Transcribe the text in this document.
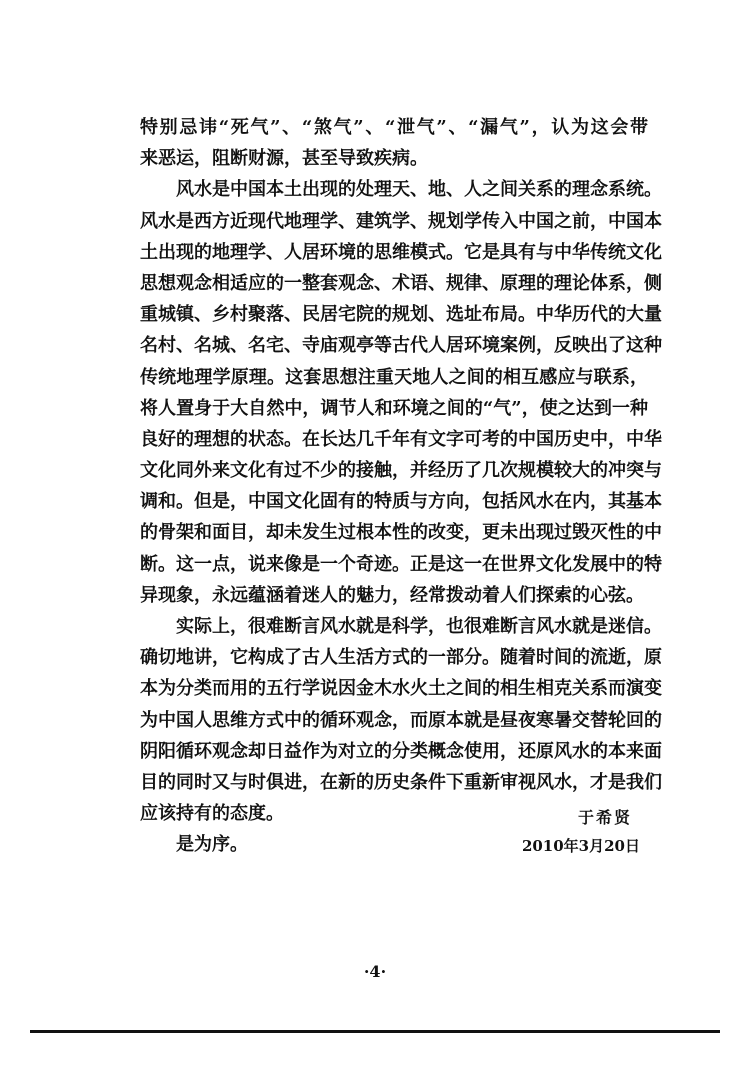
特别忌讳“死气”、“煞气”、“泄气”、“漏气”，认为这会带
来恶运，阻断财源，甚至导致疾病。
风水是中国本土出现的处理天、地、人之间关系的理念系统。
风水是西方近现代地理学、建筑学、规划学传入中国之前，中国本
土出现的地理学、人居环境的思维模式。它是具有与中华传统文化
思想观念相适应的一整套观念、术语、规律、原理的理论体系，侧
重城镇、乡村聚落、民居宅院的规划、选址布局。中华历代的大量
名村、名城、名宅、寺庙观亭等古代人居环境案例，反映出了这种
传统地理学原理。这套思想注重天地人之间的相互感应与联系，
将人置身于大自然中，调节人和环境之间的“气”，使之达到一种
良好的理想的状态。在长达几千年有文字可考的中国历史中，中华
文化同外来文化有过不少的接触，并经历了几次规模较大的冲突与
调和。但是，中国文化固有的特质与方向，包括风水在内，其基本
的骨架和面目，却未发生过根本性的改变，更未出现过毁灭性的中
断。这一点，说来像是一个奇迹。正是这一在世界文化发展中的特
异现象，永远蕴涵着迷人的魅力，经常拨动着人们探索的心弦。
实际上，很难断言风水就是科学，也很难断言风水就是迷信。
确切地讲，它构成了古人生活方式的一部分。随着时间的流逝，原
本为分类而用的五行学说因金木水火土之间的相生相克关系而演变
为中国人思维方式中的循环观念，而原本就是昼夜寒暑交替轮回的
阴阳循环观念却日益作为对立的分类概念使用，还原风水的本来面
目的同时又与时俱进，在新的历史条件下重新审视风水，才是我们
应该持有的态度。
是为序。
于希贤
2010年3月20日
·4·
